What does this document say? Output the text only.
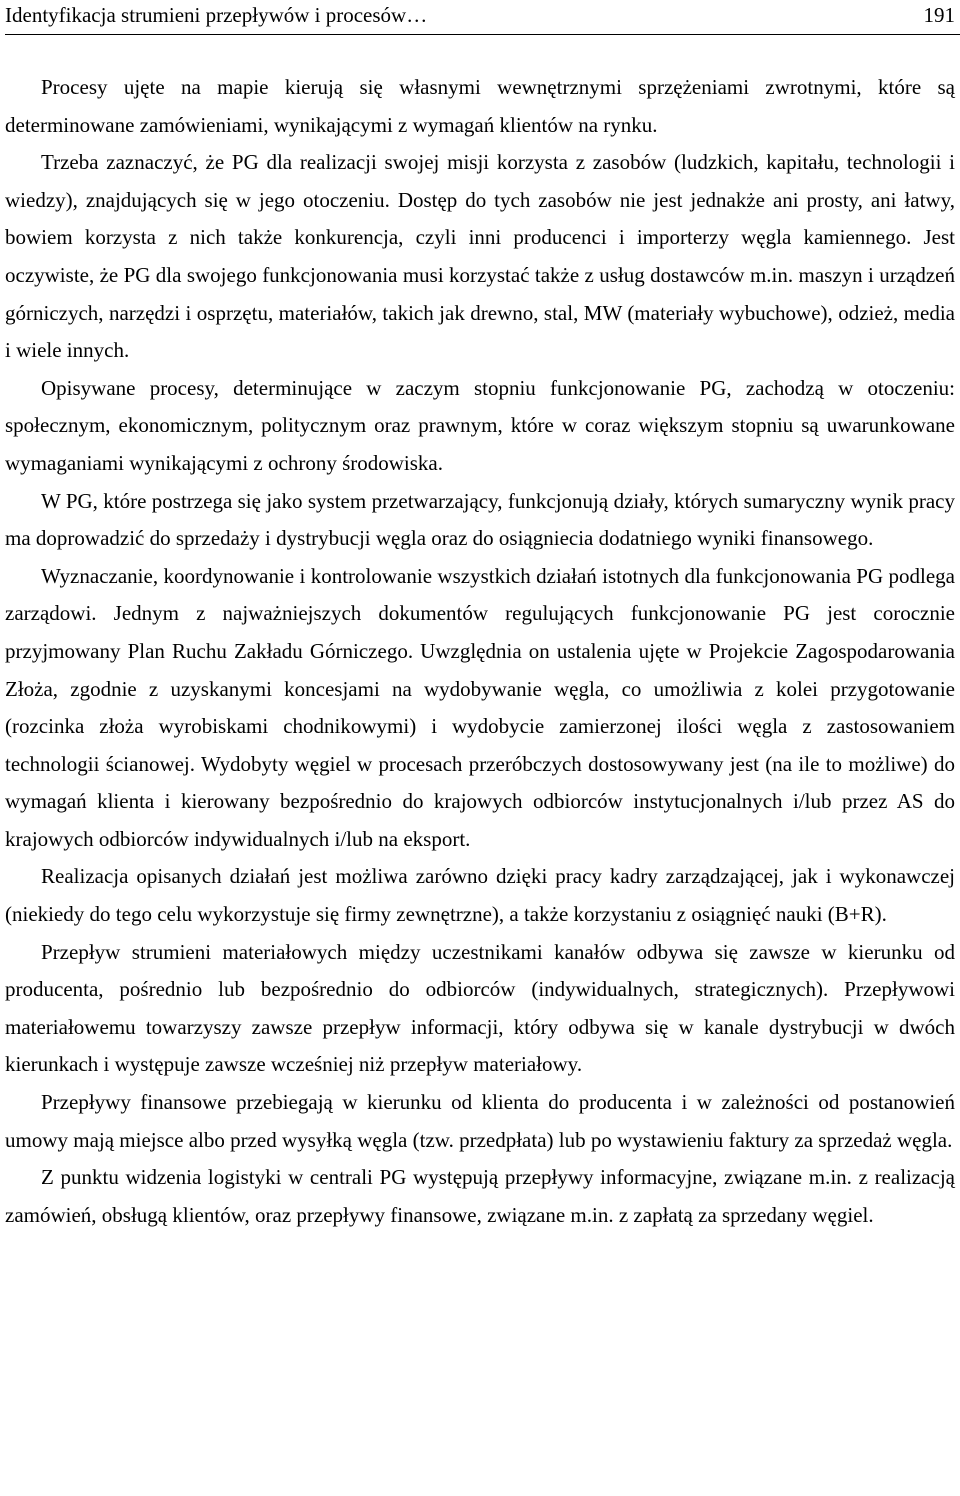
Identyfikacja strumieni przepływów i procesów…	191

Procesy ujęte na mapie kierują się własnymi wewnętrznymi sprzężeniami zwrotnymi, które są determinowane zamówieniami, wynikającymi z wymagań klientów na rynku.

Trzeba zaznaczyć, że PG dla realizacji swojej misji korzysta z zasobów (ludzkich, kapitału, technologii i wiedzy), znajdujących się w jego otoczeniu. Dostęp do tych zasobów nie jest jednakże ani prosty, ani łatwy, bowiem korzysta z nich także konkurencja, czyli inni producenci i importerzy węgla kamiennego. Jest oczywiste, że PG dla swojego funkcjonowania musi korzystać także z usług dostawców m.in. maszyn i urządzeń górniczych, narzędzi i osprzętu, materiałów, takich jak drewno, stal, MW (materiały wybuchowe), odzież, media i wiele innych.

Opisywane procesy, determinujące w zaczym stopniu funkcjonowanie PG, zachodzą w otoczeniu: społecznym, ekonomicznym, politycznym oraz prawnym, które w coraz większym stopniu są uwarunkowane wymaganiami wynikającymi z ochrony środowiska.

W PG, które postrzega się jako system przetwarzający, funkcjonują działy, których sumaryczny wynik pracy ma doprowadzić do sprzedaży i dystrybucji węgla oraz do osiągniecia dodatniego wyniki finansowego.

Wyznaczanie, koordynowanie i kontrolowanie wszystkich działań istotnych dla funkcjonowania PG podlega zarządowi. Jednym z najważniejszych dokumentów regulujących funkcjonowanie PG jest corocznie przyjmowany Plan Ruchu Zakładu Górniczego. Uwzględnia on ustalenia ujęte w Projekcie Zagospodarowania Złoża, zgodnie z uzyskanymi koncesjami na wydobywanie węgla, co umożliwia z kolei przygotowanie (rozcinka złoża wyrobiskami chodnikowymi) i wydobycie zamierzonej ilości węgla z zastosowaniem technologii ścianowej. Wydobyty węgiel w procesach przeróbczych dostosowywany jest (na ile to możliwe) do wymagań klienta i kierowany bezpośrednio do krajowych odbiorców instytucjonalnych i/lub przez AS do krajowych odbiorców indywidualnych i/lub na eksport.

Realizacja opisanych działań jest możliwa zarówno dzięki pracy kadry zarządzającej, jak i wykonawczej (niekiedy do tego celu wykorzystuje się firmy zewnętrzne), a także korzystaniu z osiągnięć nauki (B+R).

Przepływ strumieni materiałowych między uczestnikami kanałów odbywa się zawsze w kierunku od producenta, pośrednio lub bezpośrednio do odbiorców (indywidualnych, strategicznych). Przepływowi materiałowemu towarzyszy zawsze przepływ informacji, który odbywa się w kanale dystrybucji w dwóch kierunkach i występuje zawsze wcześniej niż przepływ materiałowy.

Przepływy finansowe przebiegają w kierunku od klienta do producenta i w zależności od postanowień umowy mają miejsce albo przed wysyłką węgla (tzw. przedpłata) lub po wystawieniu faktury za sprzedaż węgla.

Z punktu widzenia logistyki w centrali PG występują przepływy informacyjne, związane m.in. z realizacją zamówień, obsługą klientów, oraz przepływy finansowe, związane m.in. z zapłatą za sprzedany węgiel.
